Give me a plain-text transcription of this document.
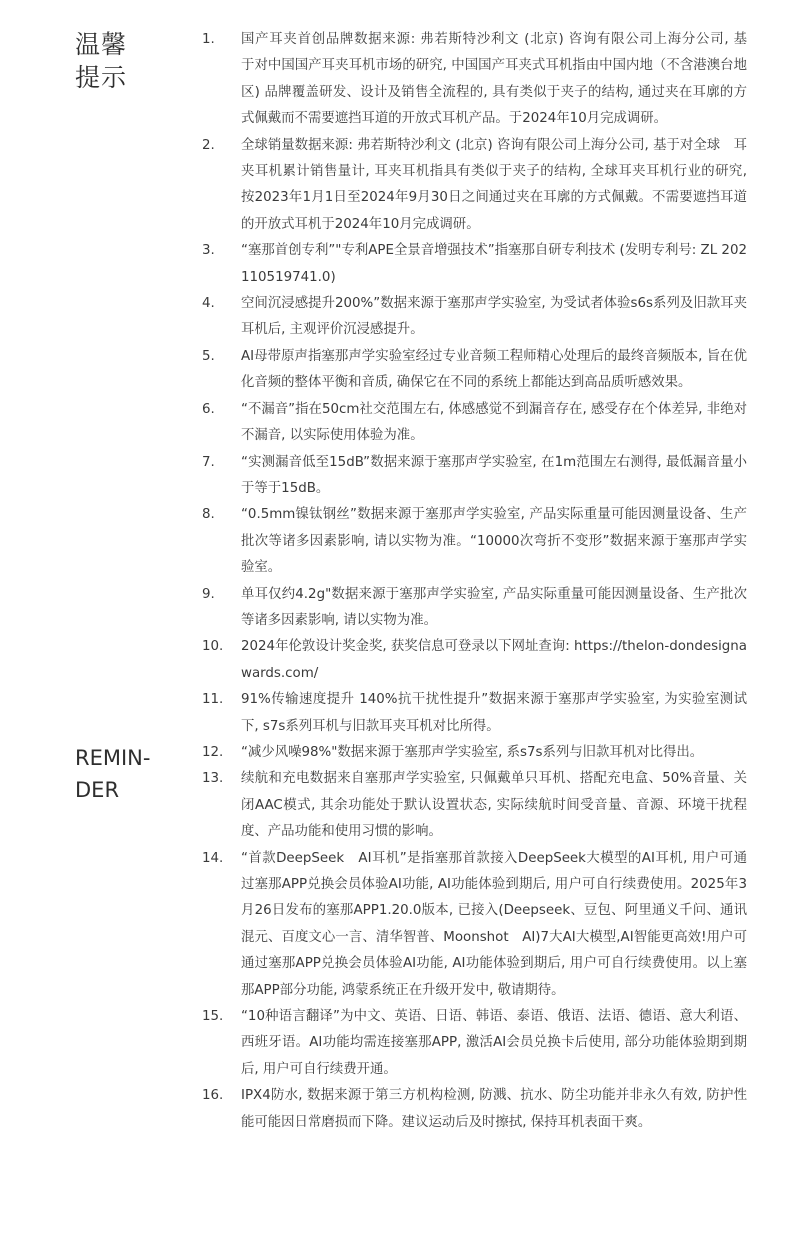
温馨
提示
REMIN-
DER
1.	国产耳夹首创品牌数据来源: 弗若斯特沙利文 (北京) 咨询有限公司上海分公司, 基　 于对中国国产耳夹耳机市场的研究, 中国国产耳夹式耳机指由中国内地（不含港澳台地区) 品牌覆盖研发、设计及销售全流程的, 具有类似于夹子的结构, 通过夹在耳廓的方式佩戴而不需要遮挡耳道的开放式耳机产品。于2024年10月完成调研。
2.	全球销量数据来源: 弗若斯特沙利文 (北京) 咨询有限公司上海分公司, 基于对全球　耳夹耳机累计销售量计, 耳夹耳机指具有类似于夹子的结构, 全球耳夹耳机行业的研究, 按2023年1月1日至2024年9月30日之间通过夹在耳廓的方式佩戴。不需要遮挡耳道的开放式耳机于2024年10月完成调研。
3.	“塞那首创专利”"专利APE全景音增强技术”指塞那自研专利技术 (发明专利号: ZL 202110519741.0)
4.	空间沉浸感提升200%”数据来源于塞那声学实验室, 为受试者体验s6s系列及旧款耳夹耳机后, 主观评价沉浸感提升。
5.	AI母带原声指塞那声学实验室经过专业音频工程师精心处理后的最终音频版本, 旨在优化音频的整体平衡和音质, 确保它在不同的系统上都能达到高品质听感效果。
6.	“不漏音”指在50cm社交范围左右, 体感感觉不到漏音存在, 感受存在个体差异, 非绝对不漏音, 以实际使用体验为准。
7.	“实测漏音低至15dB”数据来源于塞那声学实验室, 在1m范围左右测得, 最低漏音量小于等于15dB。
8.	“0.5mm镍钛钢丝”数据来源于塞那声学实验室, 产品实际重量可能因测量设备、生产批次等诸多因素影响, 请以实物为准。“10000次弯折不变形”数据来源于塞那声学实验室。
9.	单耳仅约4.2g"数据来源于塞那声学实验室, 产品实际重量可能因测量设备、生产批次等诸多因素影响, 请以实物为准。
10.	2024年伦敦设计奖金奖, 获奖信息可登录以下网址查询: https://thelon-dondesignawards.com/
11.	91%传输速度提升 140%抗干扰性提升”数据来源于塞那声学实验室, 为实验室测试下, s7s系列耳机与旧款耳夹耳机对比所得。
12.	“减少风噪98%"数据来源于塞那声学实验室, 系s7s系列与旧款耳机对比得出。
13.	续航和充电数据来自塞那声学实验室, 只佩戴单只耳机、搭配充电盒、50%音量、关闭AAC模式, 其余功能处于默认设置状态, 实际续航时间受音量、音源、环境干扰程度、产品功能和使用习惯的影响。
14.	“首款DeepSeek　AI耳机”是指塞那首款接入DeepSeek大模型的AI耳机, 用户可通过塞那APP兑换会员体验AI功能, AI功能体验到期后, 用户可自行续费使用。2025年3月26日发布的塞那APP1.20.0版本, 已接入(Deepseek、豆包、阿里通义千问、通讯混元、百度文心一言、清华智普、Moonshot　AI)7大AI大模型,AI智能更高效!用户可通过塞那APP兑换会员体验AI功能, AI功能体验到期后, 用户可自行续费使用。以上塞那APP部分功能, 鸿蒙系统正在升级开发中, 敬请期待。
15.	“10种语言翻译”为中文、英语、日语、韩语、泰语、俄语、法语、德语、意大利语、西班牙语。AI功能均需连接塞那APP, 激活AI会员兑换卡后使用, 部分功能体验期到期后, 用户可自行续费开通。
16.	IPX4防水, 数据来源于第三方机构检测, 防溅、抗水、防尘功能并非永久有效, 防护性能可能因日常磨损而下降。建议运动后及时擦拭, 保持耳机表面干爽。
